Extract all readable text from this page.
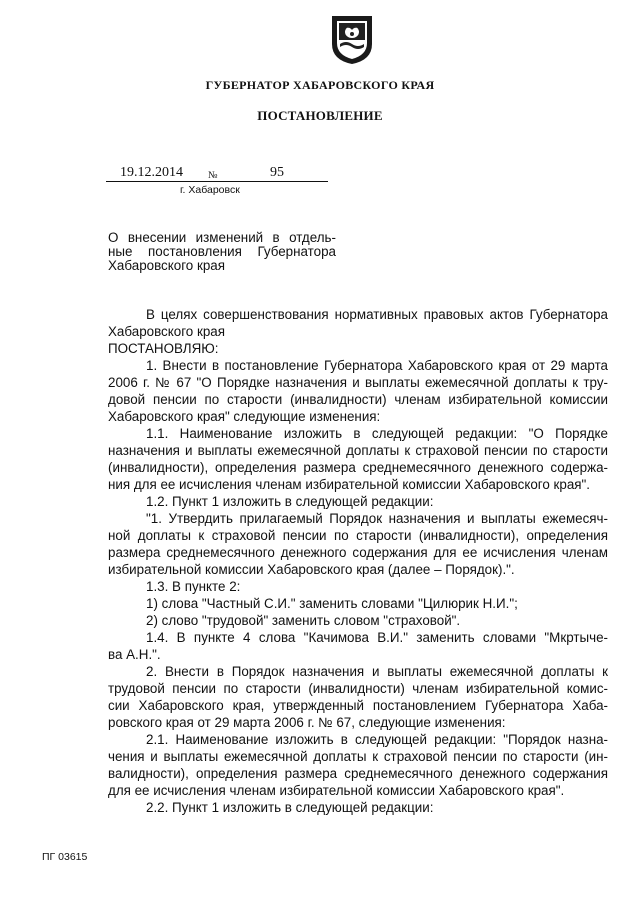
ГУБЕРНАТОР ХАБАРОВСКОГО КРАЯ
ПОСТАНОВЛЕНИЕ
19.12.2014	№	95
г. Хабаровск
О внесении изменений в отдель-
ные постановления Губернатора
Хабаровского края
В целях совершенствования нормативных правовых актов Губернатора
Хабаровского края
ПОСТАНОВЛЯЮ:
1. Внести в постановление Губернатора Хабаровского края от 29 марта
2006 г. № 67 "О Порядке назначения и выплаты ежемесячной доплаты к тру-
довой пенсии по старости (инвалидности) членам избирательной комиссии
Хабаровского края" следующие изменения:
1.1. Наименование изложить в следующей редакции: "О Порядке
назначения и выплаты ежемесячной доплаты к страховой пенсии по старости
(инвалидности), определения размера среднемесячного денежного содержа-
ния для ее исчисления членам избирательной комиссии Хабаровского края".
1.2. Пункт 1 изложить в следующей редакции:
"1. Утвердить прилагаемый Порядок назначения и выплаты ежемесяч-
ной доплаты к страховой пенсии по старости (инвалидности), определения
размера среднемесячного денежного содержания для ее исчисления членам
избирательной комиссии Хабаровского края (далее – Порядок).".
1.3. В пункте 2:
1) слова "Частный С.И." заменить словами "Цилюрик Н.И.";
2) слово "трудовой" заменить словом "страховой".
1.4. В пункте 4 слова "Качимова В.И." заменить словами "Мкртыче-
ва А.Н.".
2. Внести в Порядок назначения и выплаты ежемесячной доплаты к
трудовой пенсии по старости (инвалидности) членам избирательной комис-
сии Хабаровского края, утвержденный постановлением Губернатора Хаба-
ровского края от 29 марта 2006 г. № 67, следующие изменения:
2.1. Наименование изложить в следующей редакции: "Порядок назна-
чения и выплаты ежемесячной доплаты к страховой пенсии по старости (ин-
валидности), определения размера среднемесячного денежного содержания
для ее исчисления членам избирательной комиссии Хабаровского края".
2.2. Пункт 1 изложить в следующей редакции:
ПГ 03615
